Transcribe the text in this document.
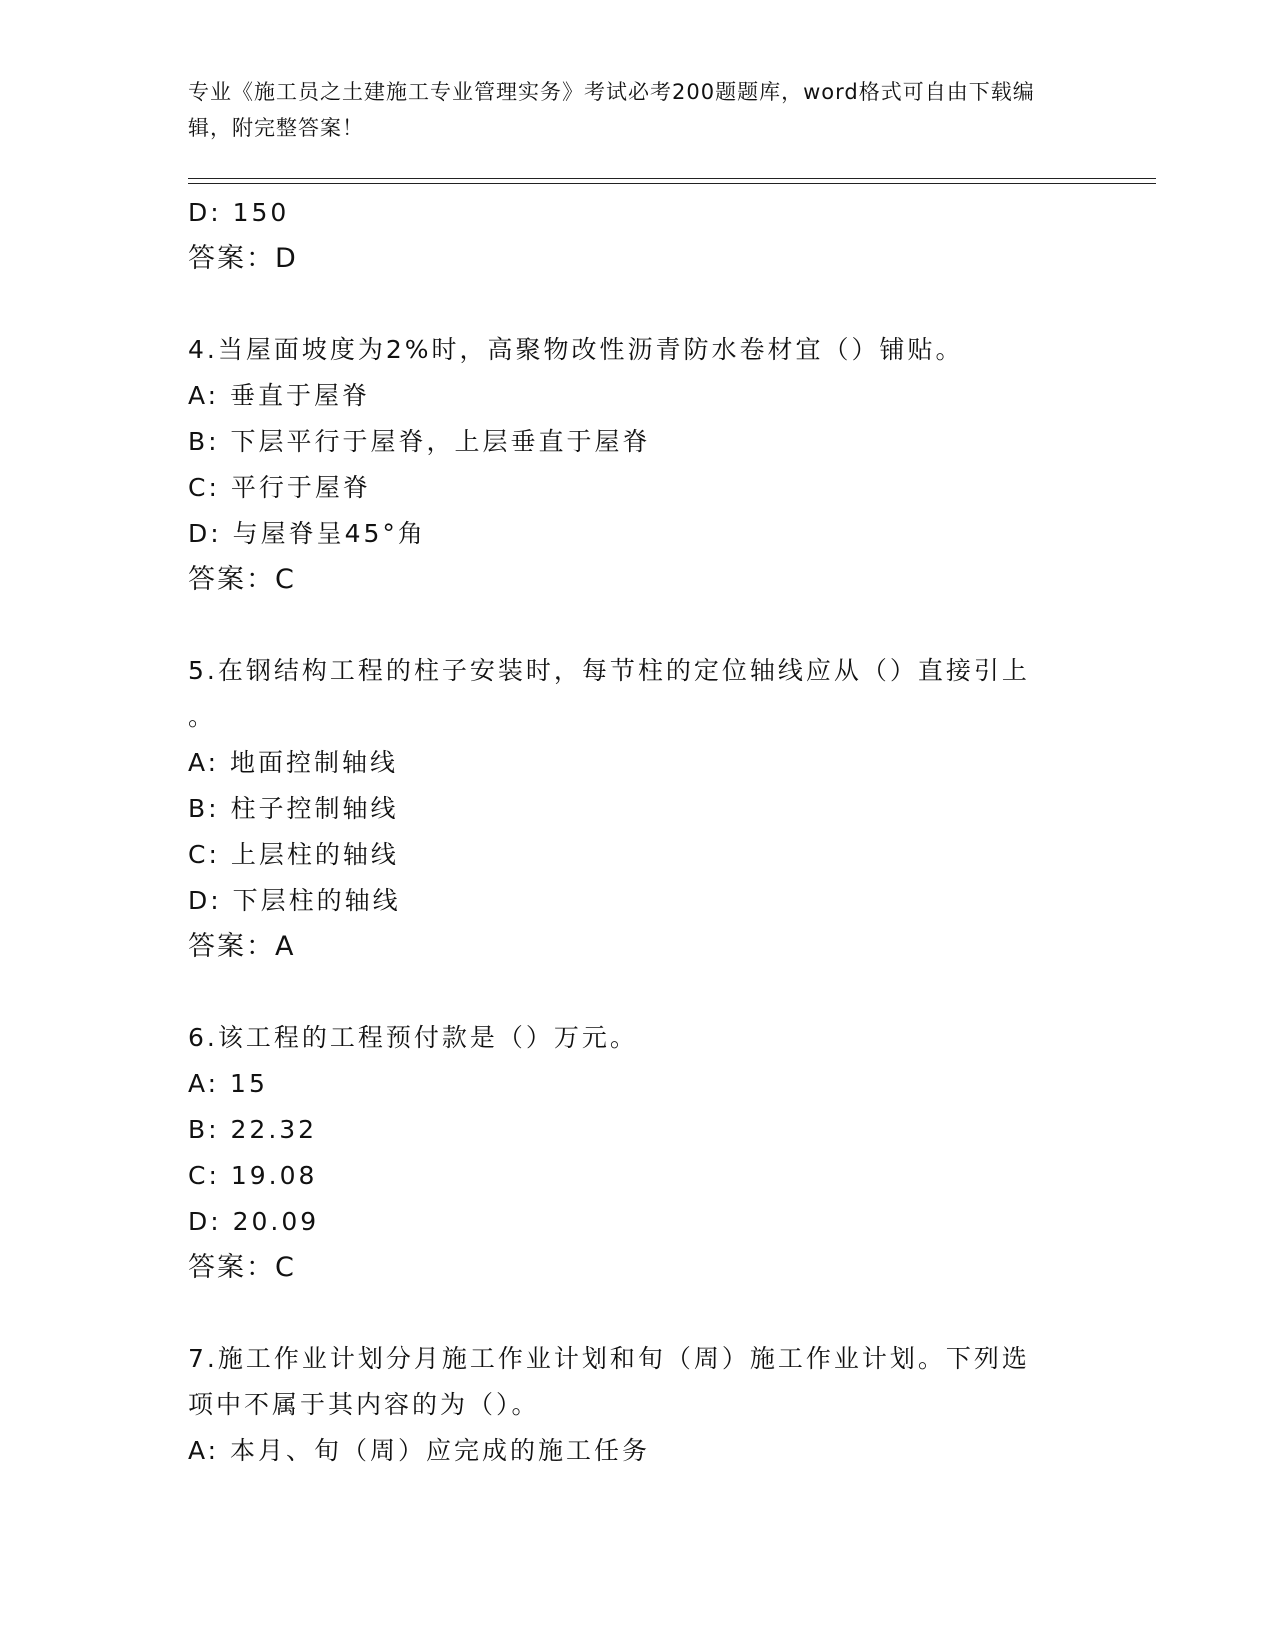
专业《施工员之土建施工专业管理实务》考试必考200题题库，word格式可自由下载编辑，附完整答案！
D: 150
答案：D
4.当屋面坡度为2%时，高聚物改性沥青防水卷材宜（）铺贴。
A: 垂直于屋脊
B: 下层平行于屋脊，上层垂直于屋脊
C: 平行于屋脊
D: 与屋脊呈45°角
答案：C
5.在钢结构工程的柱子安装时，每节柱的定位轴线应从（）直接引上
。
A: 地面控制轴线
B: 柱子控制轴线
C: 上层柱的轴线
D: 下层柱的轴线
答案：A
6.该工程的工程预付款是（）万元。
A: 15
B: 22.32
C: 19.08
D: 20.09
答案：C
7.施工作业计划分月施工作业计划和旬（周）施工作业计划。下列选
项中不属于其内容的为（）。
A: 本月、旬（周）应完成的施工任务
